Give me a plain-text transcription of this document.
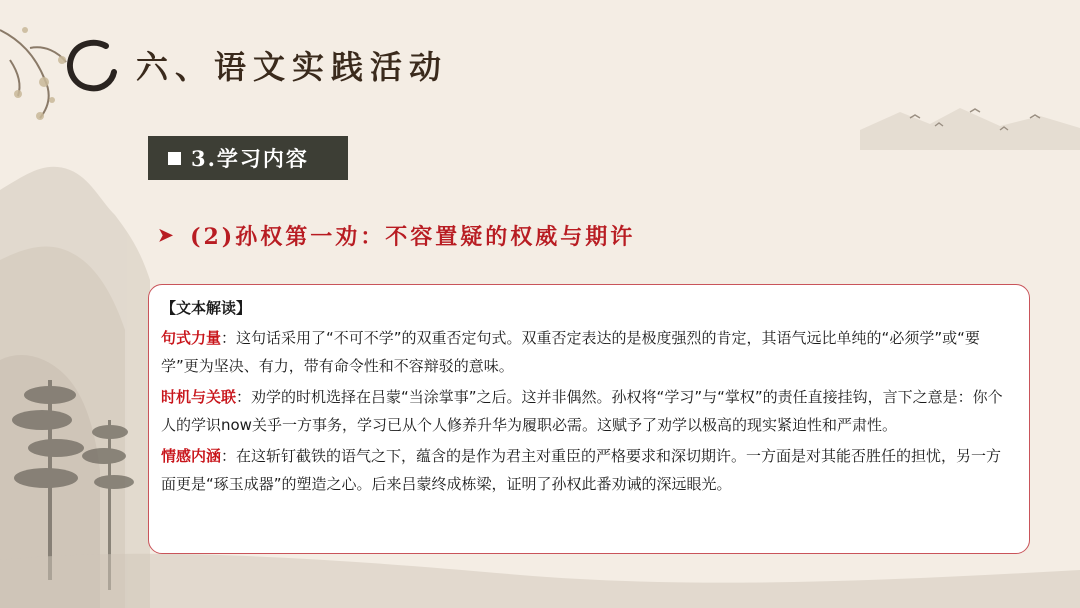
六、语文实践活动
3.学习内容
➤ (2)孙权第一劝：不容置疑的权威与期许
【文本解读】

句式力量：这句话采用了“不可不学”的双重否定句式。双重否定表达的是极度强烈的肯定，其语气远比单纯的“必须学”或“要学”更为坚决、有力，带有命令性和不容辩驳的意味。

时机与关联：劝学的时机选择在吕蒙“当涂掌事”之后。这并非偶然。孙权将“学习”与“掌权”的责任直接挂钩，言下之意是：你个人的学识now关乎一方事务，学习已从个人修养升华为履职必需。这赋予了劝学以极高的现实紧迫性和严肃性。

情感内涵：在这斩钉截铁的语气之下，蕴含的是作为君主对重臣的严格要求和深切期许。一方面是对其能否胜任的担忧，另一方面更是“琢玉成器”的塑造之心。后来吕蒙终成栋梁，证明了孙权此番劝诫的深远眼光。
